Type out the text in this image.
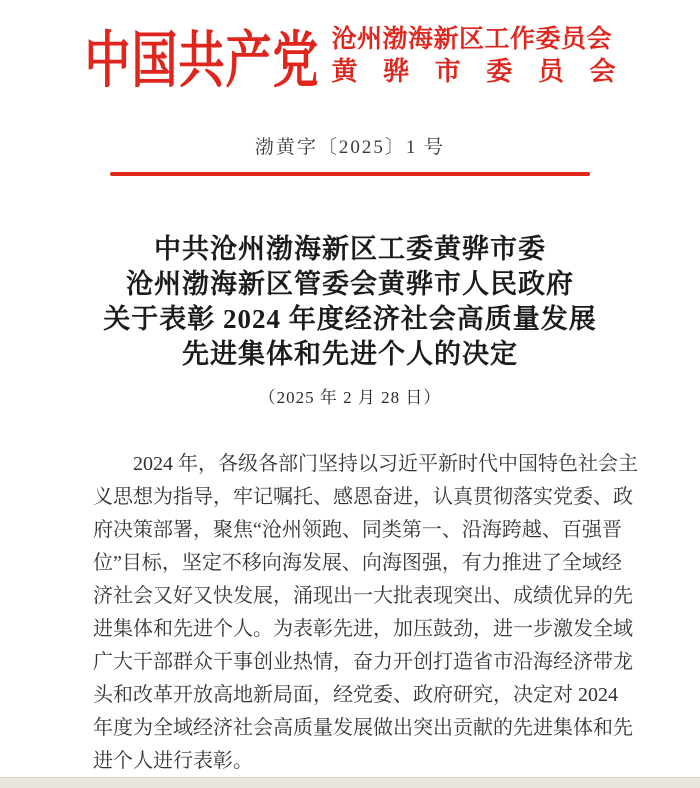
中国共产党 沧州渤海新区工作委员会
黄骅市委员会
渤黄字〔2025〕1 号
中共沧州渤海新区工委黄骅市委
沧州渤海新区管委会黄骅市人民政府
关于表彰 2024 年度经济社会高质量发展
先进集体和先进个人的决定
（2025 年 2 月 28 日）
2024 年，各级各部门坚持以习近平新时代中国特色社会主
义思想为指导，牢记嘱托、感恩奋进，认真贯彻落实党委、政
府决策部署，聚焦“沧州领跑、同类第一、沿海跨越、百强晋
位”目标，坚定不移向海发展、向海图强，有力推进了全域经
济社会又好又快发展，涌现出一大批表现突出、成绩优异的先
进集体和先进个人。为表彰先进，加压鼓劲，进一步激发全域
广大干部群众干事创业热情，奋力开创打造省市沿海经济带龙
头和改革开放高地新局面，经党委、政府研究，决定对 2024
年度为全域经济社会高质量发展做出突出贡献的先进集体和先
进个人进行表彰。
